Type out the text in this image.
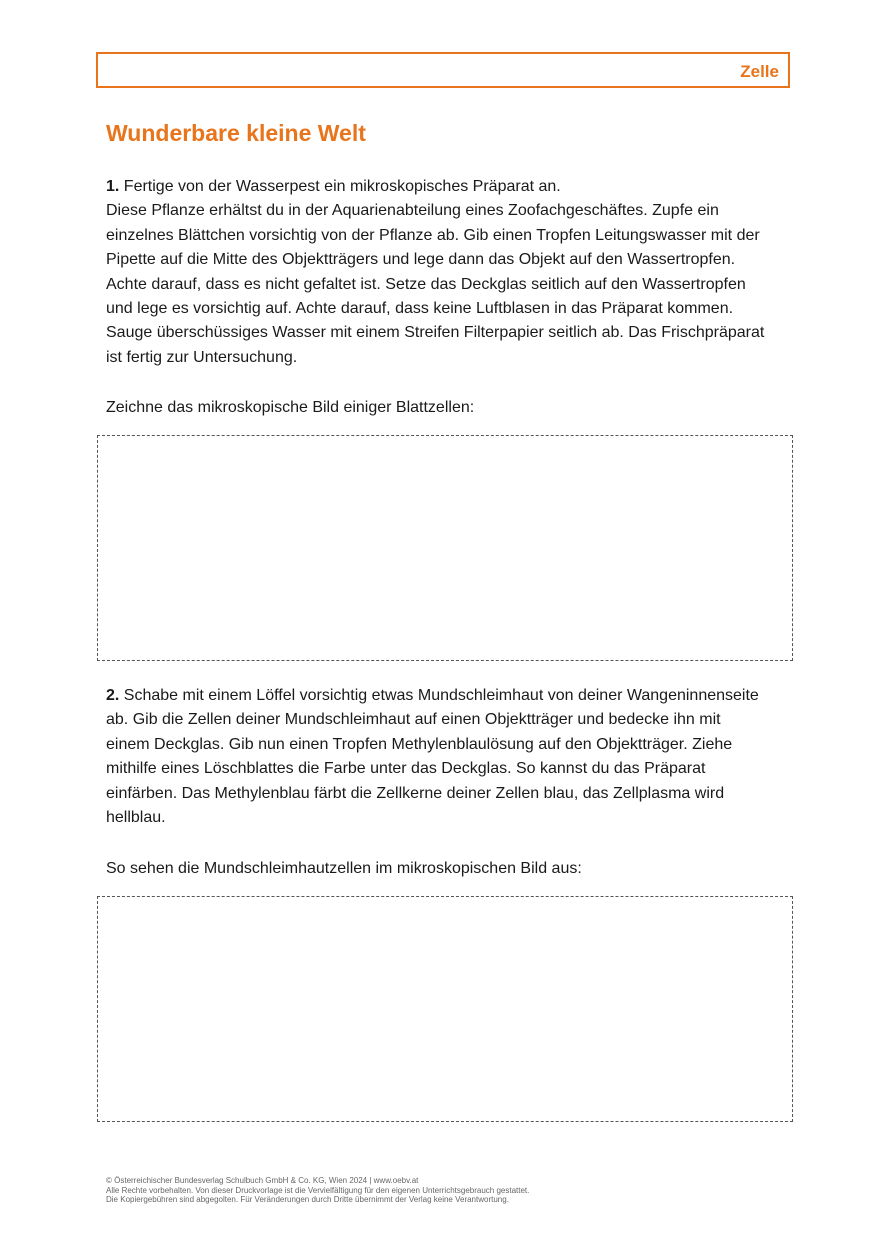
Zelle
Wunderbare kleine Welt
1. Fertige von der Wasserpest ein mikroskopisches Präparat an.
Diese Pflanze erhältst du in der Aquarienabteilung eines Zoofachgeschäftes. Zupfe ein
einzelnes Blättchen vorsichtig von der Pflanze ab. Gib einen Tropfen Leitungswasser mit der
Pipette auf die Mitte des Objektträgers und lege dann das Objekt auf den Wassertropfen.
Achte darauf, dass es nicht gefaltet ist. Setze das Deckglas seitlich auf den Wassertropfen
und lege es vorsichtig auf. Achte darauf, dass keine Luftblasen in das Präparat kommen.
Sauge überschüssiges Wasser mit einem Streifen Filterpapier seitlich ab. Das Frischpräparat
ist fertig zur Untersuchung.
Zeichne das mikroskopische Bild einiger Blattzellen:
2. Schabe mit einem Löffel vorsichtig etwas Mundschleimhaut von deiner Wangeninnenseite
ab. Gib die Zellen deiner Mundschleimhaut auf einen Objektträger und bedecke ihn mit
einem Deckglas. Gib nun einen Tropfen Methylenblaulösung auf den Objektträger. Ziehe
mithilfe eines Löschblattes die Farbe unter das Deckglas. So kannst du das Präparat
einfärben. Das Methylenblau färbt die Zellkerne deiner Zellen blau, das Zellplasma wird
hellblau.
So sehen die Mundschleimhautzellen im mikroskopischen Bild aus:
© Österreichischer Bundesverlag Schulbuch GmbH & Co. KG, Wien 2024 | www.oebv.at
Alle Rechte vorbehalten. Von dieser Druckvorlage ist die Vervielfältigung für den eigenen Unterrichtsgebrauch gestattet.
Die Kopiergebühren sind abgegolten. Für Veränderungen durch Dritte übernimmt der Verlag keine Verantwortung.
